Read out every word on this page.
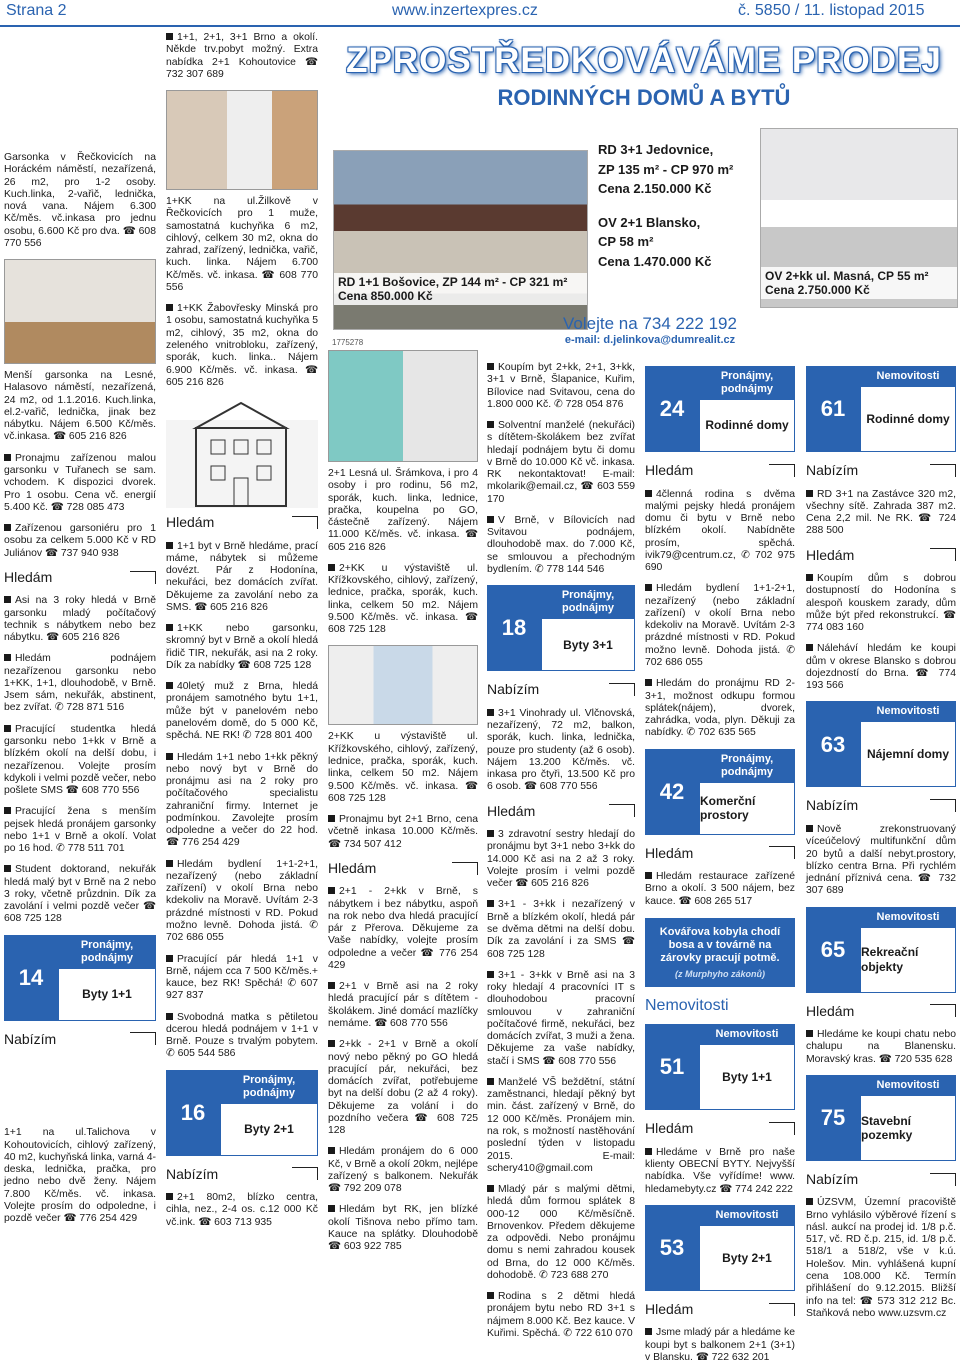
Strana 2	www.inzertexpres.cz	č. 5850 / 11. listopad 2015
ZPROSTŘEDKOVÁVÁME PRODEJ
RODINNÝCH DOMŮ A BYTŮ
RD 1+1 Bošovice, ZP 144 m² - CP 321 m²
Cena 850.000 Kč
RD 3+1 Jedovnice,
ZP 135 m² - CP 970 m²
Cena 2.150.000 Kč
OV 2+1 Blansko,
CP 58 m²
Cena 1.470.000 Kč
OV 2+kk ul. Masná, CP 55 m²
Cena 2.750.000 Kč
Volejte na 734 222 192
e-mail: d.jelinkova@dumrealit.cz
1775278
Garsonka v Řečkovicích na Horáckém náměstí, nezařízená, 26 m2, pro 1-2 osoby. Kuch.linka, 2-vařič, lednička, nová vana. Nájem 6.300 Kč/měs. vč.inkasa pro jednu osobu, 6.600 Kč pro dva. ☎ 608 770 556
Menší garsonka na Lesné, Halasovo náměstí, nezařízená, 24 m2, od 1.1.2016. Kuch.linka, el.2-vařič, lednička, jinak bez nábytku. Nájem 6.500 Kč/měs. vč.inkasa. ☎ 605 216 826
Pronajmu zařízenou malou garsonku v Tuřanech se sam. vchodem. K dispozici dvorek. Pro 1 osobu. Cena vč. energií 5.400 Kč. ☎ 728 085 473
Zařízenou garsoniéru pro 1 osobu za celkem 5.000 Kč v RD Juliánov ☎ 737 940 938
Hledám
Asi na 3 roky hledá v Brně garsonku mladý počítačový technik s nábytkem nebo bez nábytku. ☎ 605 216 826
Hledám podnájem nezařízenou garsonku nebo 1+KK, 1+1, dlouhodobě, v Brně. Jsem sám, nekuřák, abstinent, bez zvířat. ✆ 728 871 516
Pracující studentka hledá garsonku nebo 1+kk v Brně a blízkém okolí na delší dobu, i nezařízenou. Volejte prosím kdykoli i velmi pozdě večer, nebo pošlete SMS ☎ 608 770 556
Pracující žena s menším pejsek hledá pronájem garsonky nebo 1+1 v Brně a okolí. Volat po 16 hod. ✆ 778 511 701
Student doktorand, nekuřák hledá malý byt v Brně na 2 nebo 3 roky, včetně průzdnin. Dík za zavolání i velmi pozdě večer ☎ 608 725 128
14
Pronájmy, podnájmy
Byty 1+1
Nabízím
1+1 na ul.Talichova v Kohoutovicích, cihlový zařízený, 40 m2, kuchyňská linka, varná 4-deska, lednička, pračka, pro jedno nebo dvě ženy. Nájem 7.800 Kč/měs. vč. inkasa. Volejte prosím do odpoledne, i pozdě večer ☎ 776 254 429
1+1, 2+1, 3+1 Brno a okolí. Někde trv.pobyt možný. Extra nabídka 2+1 Kohoutovice ☎ 732 307 689
1+KK na ul.Žilkově v Řečkovicích pro 1 muže, samostatná kuchyňka 6 m2, cihlový, celkem 30 m2, okna do zahrad, zařízený, lednička, vařič, kuch. linka. Nájem 6.700 Kč/měs. vč. inkasa. ☎ 608 770 556
1+KK Žabovřesky Minská pro 1 osobu, samostatná kuchyňka 5 m2, cihlový, 35 m2, okna do zeleného vnitrobloku, zařízený, sporák, kuch. linka.. Nájem 6.900 Kč/měs. vč. inkasa. ☎ 605 216 826
Hledám
1+1 byt v Brně hledáme, prací máme, nábytek si můžeme dovézt. Pár z Hodonína, nekuřáci, bez domácích zvířat. Děkujeme za zavolání nebo za SMS. ☎ 605 216 826
1+KK nebo garsonku, skromný byt v Brně a okolí hledá řidič TIR, nekuřák, asi na 2 roky. Dík za nabídky ☎ 608 725 128
40letý muž z Brna, hledá pronájem samotného bytu 1+1, může být v panelovém nebo panelovém domě, do 5 000 Kč, spěchá. NE RK! ✆ 728 801 400
Hledám 1+1 nebo 1+kk pěkný nebo nový byt v Brně do pronájmu asi na 2 roky pro počítačového specialistu zahraniční firmy. Internet je podmínkou. Zavolejte prosím odpoledne a večer do 22 hod. ☎ 776 254 429
Hledám bydlení 1+1-2+1, nezařízený (nebo základní zařízení) v okolí Brna nebo kdekoliv na Moravě. Uvítám 2-3 prázdné místnosti v RD. Pokud možno levně. Dohoda jistá. ✆ 702 686 055
Pracující pár hledá 1+1 v Brně, nájem cca 7 500 Kč/měs.+ kauce, bez RK! Spěchá! ✆ 607 927 837
Svobodná matka s pětiletou dcerou hledá podnájem v 1+1 v Brně. Pouze s trvalým pobytem. ✆ 605 544 586
16
Pronájmy, podnájmy
Byty 2+1
Nabízím
2+1 80m2, blízko centra, cihla, nez., 2-4 os. c.12 000 Kč vč.ink. ☎ 603 713 935
2+1 Lesná ul. Šrámkova, i pro 4 osoby i pro rodinu, 56 m2, sporák, kuch. linka, lednice, pračka, koupelna po GO, částečně zařízený. Nájem 11.000 Kč/měs. vč. inkasa. ☎ 605 216 826
2+KK u výstaviště ul. Křížkovského, cihlový, zařízený, lednice, pračka, sporák, kuch. linka, celkem 50 m2. Nájem 9.500 Kč/měs. vč. inkasa. ☎ 608 725 128
2+KK u výstaviště ul. Křížkovského, cihlový, zařízený, lednice, pračka, sporák, kuch. linka, celkem 50 m2. Nájem 9.500 Kč/měs. vč. inkasa. ☎ 608 725 128
Pronajmu byt 2+1 Brno, cena včetně inkasa 10.000 Kč/měs. ☎ 734 507 412
Hledám
2+1 - 2+kk v Brně, s nábytkem i bez nábytku, aspoň na rok nebo dva hledá pracující pár z Přerova. Děkujeme za Vaše nabídky, volejte prosím odpoledne a večer ☎ 776 254 429
2+1 v Brně asi na 2 roky hledá pracující pár s dítětem - školákem. Jiné domácí mazlíčky nemáme. ☎ 608 770 556
2+kk - 2+1 v Brně a okolí nový nebo pěkný po GO hledá pracující pár, nekuřáci, bez domácích zvířat, potřebujeme byt na delší dobu (2 až 4 roky). Děkujeme za volání i do pozdního večera ☎ 608 725 128
Hledám pronájem do 6 000 Kč, v Brně a okolí 20km, nejlépe zařízený s balkonem. Nekuřák ☎ 792 209 078
Hledám byt RK, jen blízké okolí Tišnova nebo přímo tam. Kauce na splátky. Dlouhodobě ☎ 603 922 785
Koupím byt 2+kk, 2+1, 3+kk, 3+1 v Brně, Šlapanice, Kuřim, Bílovice nad Svitavou, cena do 1.800 000 Kč. ✆ 728 054 876
Solventní manželé (nekuřáci) s dítětem-školákem bez zvířat hledají podnájem bytu či domu v Brně do 10.000 Kč vč. inkasa. RK nekontaktovat! E-mail: mkolarik@email.cz, ☎ 603 559 170
V Brně, v Bílovicích nad Svitavou podnájem, dlouhodobě max. do 7.000 Kč, se smlouvou a přechodným bydlením. ✆ 778 144 546
18
Pronájmy, podnájmy
Byty 3+1
Nabízím
3+1 Vinohrady ul. Vlčnovská, nezařízený, 72 m2, balkon, sporák, kuch. linka, lednička, pouze pro studenty (až 6 osob). Nájem 13.200 Kč/měs. vč. inkasa pro čtyři, 13.500 Kč pro 6 osob. ☎ 608 770 556
Hledám
3 zdravotní sestry hledají do pronájmu byt 3+1 nebo 3+kk do 14.000 Kč asi na 2 až 3 roky. Volejte prosím i velmi pozdě večer ☎ 605 216 826
3+1 - 3+kk i nezařízený v Brně a blízkém okolí, hledá pár se dvěma dětmi na delší dobu. Dík za zavolání i za SMS ☎ 608 725 128
3+1 - 3+kk v Brně asi na 3 roky hledají 4 pracovníci IT s dlouhodobou pracovní smlouvou v zahraniční počítačové firmě, nekuřáci, bez domácích zvířat, 3 muži a žena. Děkujeme za vaše nabídky, stačí i SMS ☎ 608 770 556
Manželé VŠ beždětní, státní zaměstnanci, hledají pěkný byt min. část. zařízený v Brně, do 12 000 Kč/měs. Pronájem min. na rok, s možností nastěhování poslední týden v listopadu 2015. E-mail: schery410@gmail.com
Mladý pár s malými dětmi, hledá dům formou splátek 8 000-12 000 Kč/měsíčně. Brnovenkov. Předem děkujeme za odpovědi. Nebo pronájmu domu s nemi zahradou kousek od Brna, do 12 000 Kč/měs. dohodobě. ✆ 723 688 270
Rodina s 2 dětmi hledá pronájem bytu nebo RD 3+1 s nájmem 8.000 Kč. Bez kauce. V Kuřimi. Spěchá. ✆ 722 610 070
24
Pronájmy, podnájmy
Rodinné domy
Hledám
4členná rodina s dvěma malými pejsky hledá pronájem domu či bytu v Brně nebo blízkém okolí. Nabídněte prosím, spěchá. ivik79@centrum.cz, ✆ 702 975 690
Hledám bydlení 1+1-2+1, nezařízený (nebo základní zařízení) v okolí Brna nebo kdekoliv na Moravě. Uvítám 2-3 prázdné místnosti v RD. Pokud možno levně. Dohoda jistá. ✆ 702 686 055
Hledám do pronájmu RD 2-3+1, možnost odkupu formou splátek(nájem), dvorek, zahrádka, voda, plyn. Děkuji za nabídky. ✆ 702 635 565
42
Pronájmy, podnájmy
Komerční prostory
Hledám
Hledám restaurace zařízené Brno a okolí. 3 500 nájem, bez kauce. ☎ 608 265 517
Kovářova kobyla chodí bosa a v továrně na zárovky pracují potmě.
(z Murphyho zákonů)
Nemovitosti
51
Nemovitosti
Byty 1+1
Hledám
Hledáme v Brně pro naše klienty OBECNÍ BYTY. Nejvyšší nabídka. Vše vyřídíme! www. hledamebyty.cz ☎ 774 242 222
53
Nemovitosti
Byty 2+1
Hledám
Jsme mladý pár a hledáme ke koupi byt s balkonem 2+1 (3+1) v Blansku. ☎ 722 632 201
61
Nemovitosti
Rodinné domy
Nabízím
RD 3+1 na Zastávce 320 m2, všechny sítě. Zahrada 387 m2. Cena 2,2 mil. Ne RK. ☎ 724 288 500
Hledám
Koupím dům s dobrou dostupností do Hodonína s alespoň kouskem zarady, dům může být před rekonstrukcí. ☎ 774 083 160
Náleháví hledám ke koupi dům v okrese Blansko s dobrou dojezdností do Brna. ☎ 774 193 566
63
Nemovitosti
Nájemní domy
Nabízím
Nově zrekonstruovaný víceúčelový multifunkční dům 20 bytů a další nebyt.prostory, blízko centra Brna. Při rychlém jednání příznivá cena. ☎ 732 307 689
65
Nemovitosti
Rekreační objekty
Hledám
Hledáme ke koupi chatu nebo chalupu na Blanensku. Moravský kras. ☎ 720 535 628
75
Nemovitosti
Stavební pozemky
Nabízím
ÚZSVM, Územní pracoviště Brno vyhlásilo výběrové řízení s násl. aukcí na prodej id. 1/8 p.č. 517, vč. RD č.p. 215, id. 1/8 p.č. 518/1 a 518/2, vše v k.ú. Holešov. Min. vyhlášená kupní cena 108.000 Kč. Termín přihlášení do 9.12.2015. Bližší info na tel: ☎ 573 312 212 Bc. Staňková nebo www.uzsvm.cz
